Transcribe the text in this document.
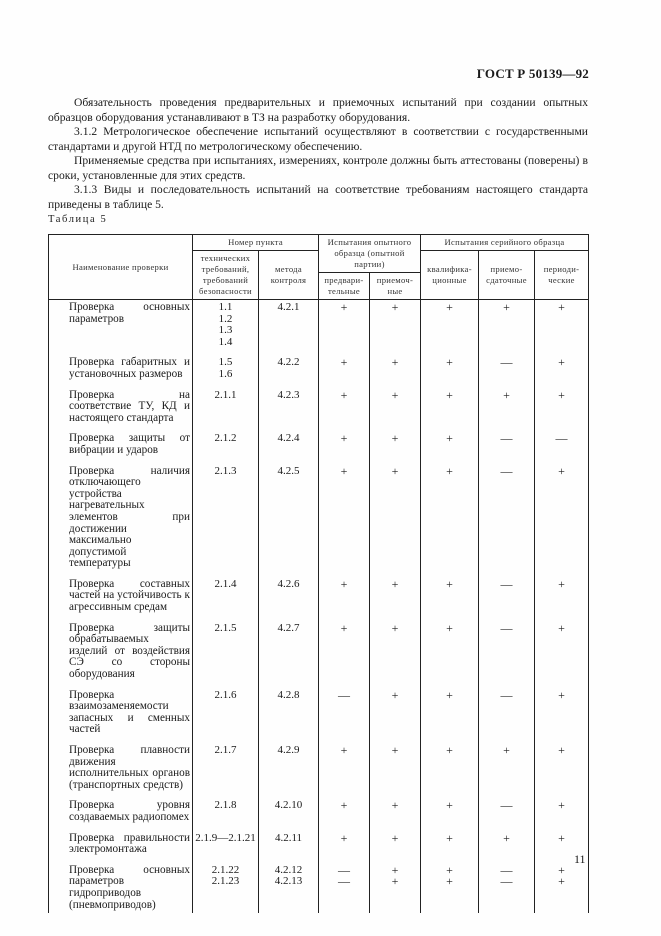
ГОСТ Р 50139—92
Обязательность проведения предварительных и приемочных испытаний при создании опытных образцов оборудования устанавливают в ТЗ на разработку оборудования.
3.1.2 Метрологическое обеспечение испытаний осуществляют в соответствии с государственными стандартами и другой НТД по метрологическому обеспечению.
Применяемые средства при испытаниях, измерениях, контроле должны быть аттестованы (поверены) в сроки, установленные для этих средств.
3.1.3 Виды и последовательность испытаний на соответствие требованиям настоящего стандарта приведены в таблице 5.
Таблица 5
Наименование проверки	Номер пункта		Испытания опытного образца (опытной партии)		Испытания серийного образца		
	технических требований, требований безопасности	метода контроля			квалифика- ционные	приемо- сдаточные	периоди- ческие
			предвари- тельные	приемоч- ные			
Проверка основных параметров	1.1 1.2 1.3 1.4	4.2.1	+	+	+	+	+
Проверка габаритных и установочных размеров	1.5 1.6	4.2.2	+	+	+	—	+
Проверка на соответствие ТУ, КД и настоящего стандарта	2.1.1	4.2.3	+	+	+	+	+
Проверка защиты от вибрации и ударов	2.1.2	4.2.4	+	+	+	—	—
Проверка наличия отключающего устройства нагревательных элементов при достижении максимально допустимой температуры	2.1.3	4.2.5	+	+	+	—	+
Проверка составных частей на устойчивость к агрессивным средам	2.1.4	4.2.6	+	+	+	—	+
Проверка защиты обрабатываемых изделий от воздействия СЭ со стороны оборудования	2.1.5	4.2.7	+	+	+	—	+
Проверка взаимозаменяемости запасных и сменных частей	2.1.6	4.2.8	—	+	+	—	+
Проверка плавности движения исполнительных органов (транспортных средств)	2.1.7	4.2.9	+	+	+	+	+
Проверка уровня создаваемых радиопомех	2.1.8	4.2.10	+	+	+	—	+
Проверка правильности электромонтажа	2.1.9—2.1.21	4.2.11	+	+	+	+	+
Проверка основных параметров гидроприводов (пневмоприводов)	2.1.22 2.1.23	4.2.12 4.2.13	— —	+ +	+ +	— —	+ +
11
